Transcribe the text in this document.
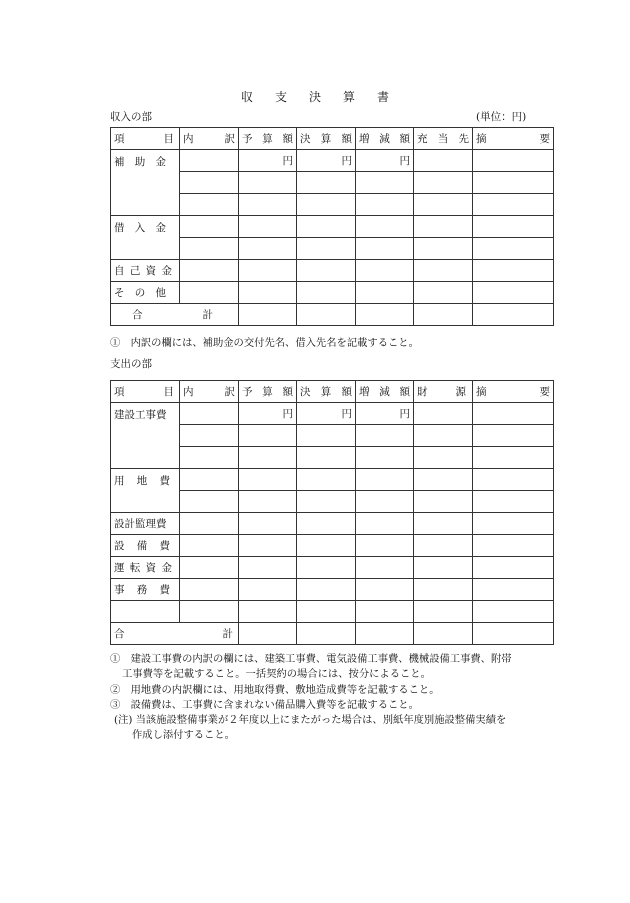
収 支 決 算 書
収入の部	(単位：円)
項 目	内 訳	予 算 額	決 算 額	増 減 額	充 当 先	摘 要

補 助 金		円	円	円		

借 入 金						

自 己 資 金						

そ の 他						

合 計						

①　内訳の欄には、補助金の交付先名、借入先名を記載すること。
支出の部
項 目	内 訳	予 算 額	決 算 額	増 減 額	財 源	摘 要

建設工事費		円	円	円		

用 地 費						

設計監理費						

設 備 費						

運 転 資 金						

事 務 費						

合 計						

①　建設工事費の内訳の欄には、建築工事費、電気設備工事費、機械設備工事費、附帯
工事費等を記載すること。一括契約の場合には、按分によること。
②　用地費の内訳欄には、用地取得費、敷地造成費等を記載すること。
③　設備費は、工事費に含まれない備品購入費等を記載すること。
(注) 当該施設整備事業が２年度以上にまたがった場合は、別紙年度別施設整備実績を
作成し添付すること。
